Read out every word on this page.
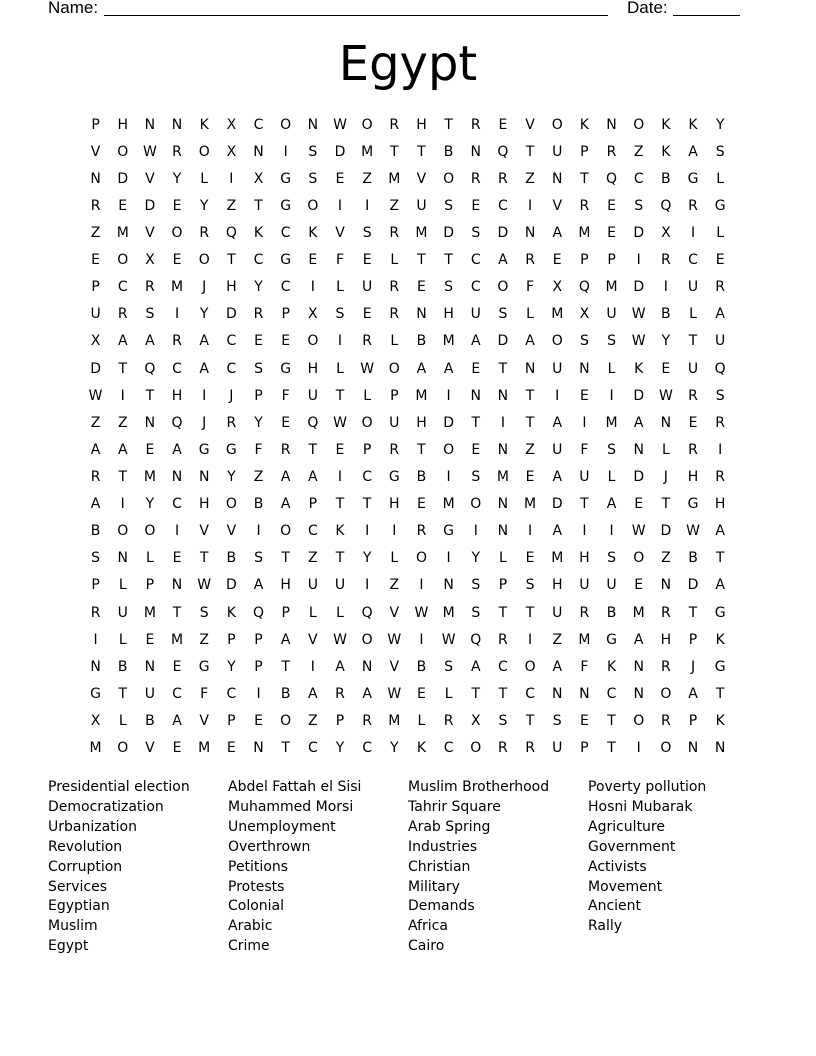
Name:	Date:
Egypt
P	H	N	N	K	X	C	O	N	W	O	R	H	T	R	E	V	O	K	N	O	K	K	Y
V	O	W	R	O	X	N	I	S	D	M	T	T	B	N	Q	T	U	P	R	Z	K	A	S
N	D	V	Y	L	I	X	G	S	E	Z	M	V	O	R	R	Z	N	T	Q	C	B	G	L
R	E	D	E	Y	Z	T	G	O	I	I	Z	U	S	E	C	I	V	R	E	S	Q	R	G
Z	M	V	O	R	Q	K	C	K	V	S	R	M	D	S	D	N	A	M	E	D	X	I	L
E	O	X	E	O	T	C	G	E	F	E	L	T	T	C	A	R	E	P	P	I	R	C	E
P	C	R	M	J	H	Y	C	I	L	U	R	E	S	C	O	F	X	Q	M	D	I	U	R
U	R	S	I	Y	D	R	P	X	S	E	R	N	H	U	S	L	M	X	U	W	B	L	A
X	A	A	R	A	C	E	E	O	I	R	L	B	M	A	D	A	O	S	S	W	Y	T	U
D	T	Q	C	A	C	S	G	H	L	W	O	A	A	E	T	N	U	N	L	K	E	U	Q
W	I	T	H	I	J	P	F	U	T	L	P	M	I	N	N	T	I	E	I	D	W	R	S
Z	Z	N	Q	J	R	Y	E	Q	W	O	U	H	D	T	I	T	A	I	M	A	N	E	R
A	A	E	A	G	G	F	R	T	E	P	R	T	O	E	N	Z	U	F	S	N	L	R	I
R	T	M	N	N	Y	Z	A	A	I	C	G	B	I	S	M	E	A	U	L	D	J	H	R
A	I	Y	C	H	O	B	A	P	T	T	H	E	M	O	N	M	D	T	A	E	T	G	H
B	O	O	I	V	V	I	O	C	K	I	I	R	G	I	N	I	A	I	I	W	D	W	A
S	N	L	E	T	B	S	T	Z	T	Y	L	O	I	Y	L	E	M	H	S	O	Z	B	T
P	L	P	N	W	D	A	H	U	U	I	Z	I	N	S	P	S	H	U	U	E	N	D	A
R	U	M	T	S	K	Q	P	L	L	Q	V	W	M	S	T	T	U	R	B	M	R	T	G
I	L	E	M	Z	P	P	A	V	W	O	W	I	W	Q	R	I	Z	M	G	A	H	P	K
N	B	N	E	G	Y	P	T	I	A	N	V	B	S	A	C	O	A	F	K	N	R	J	G
G	T	U	C	F	C	I	B	A	R	A	W	E	L	T	T	C	N	N	C	N	O	A	T
X	L	B	A	V	P	E	O	Z	P	R	M	L	R	X	S	T	S	E	T	O	R	P	K
M	O	V	E	M	E	N	T	C	Y	C	Y	K	C	O	R	R	U	P	T	I	O	N	N
Presidential election
Democratization
Urbanization
Revolution
Corruption
Services
Egyptian
Muslim
Egypt
Abdel Fattah el Sisi
Muhammed Morsi
Unemployment
Overthrown
Petitions
Protests
Colonial
Arabic
Crime
Muslim Brotherhood
Tahrir Square
Arab Spring
Industries
Christian
Military
Demands
Africa
Cairo
Poverty pollution
Hosni Mubarak
Agriculture
Government
Activists
Movement
Ancient
Rally
